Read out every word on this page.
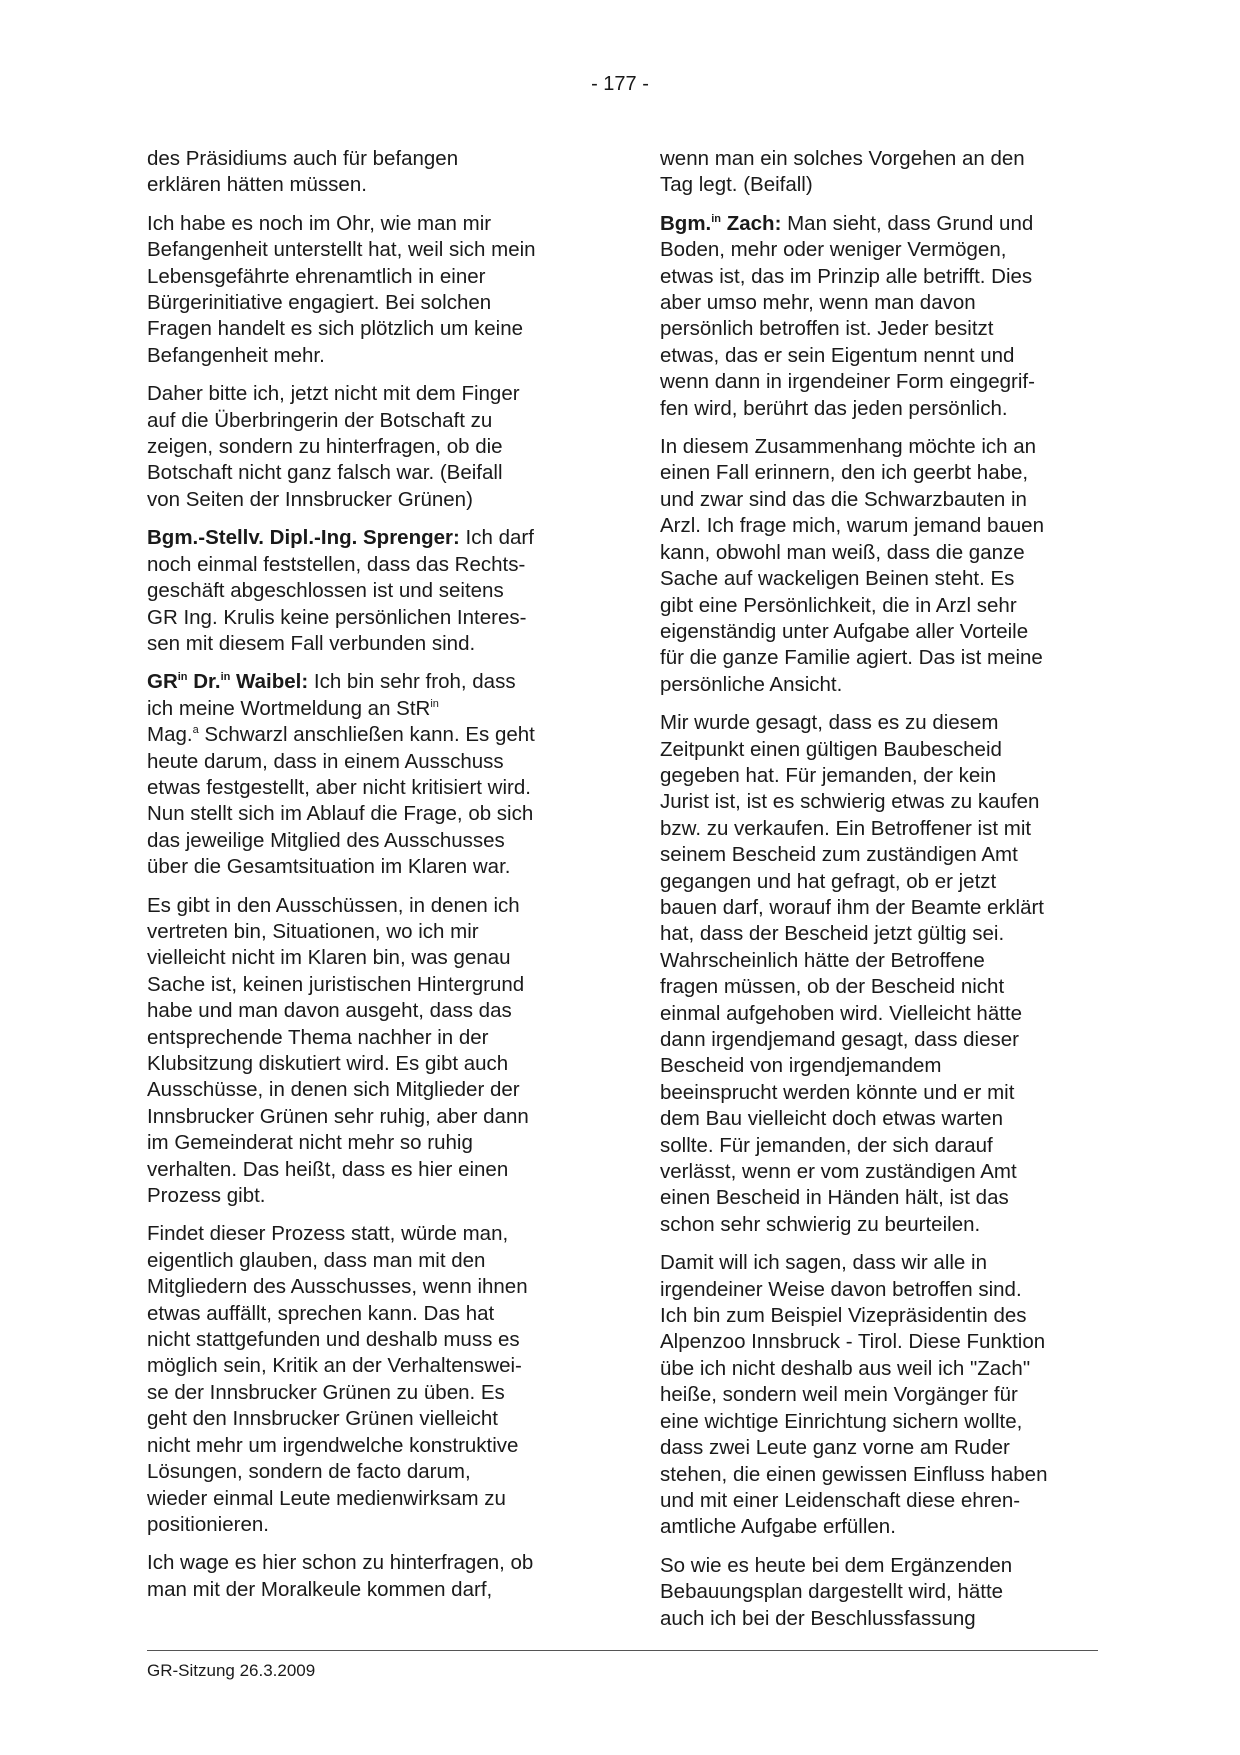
- 177 -

des Präsidiums auch für befangen
erklären hätten müssen.

Ich habe es noch im Ohr, wie man mir
Befangenheit unterstellt hat, weil sich mein
Lebensgefährte ehrenamtlich in einer
Bürgerinitiative engagiert. Bei solchen
Fragen handelt es sich plötzlich um keine
Befangenheit mehr.

Daher bitte ich, jetzt nicht mit dem Finger
auf die Überbringerin der Botschaft zu
zeigen, sondern zu hinterfragen, ob die
Botschaft nicht ganz falsch war. (Beifall
von Seiten der Innsbrucker Grünen)

Bgm.-Stellv. Dipl.-Ing. Sprenger: Ich darf
noch einmal feststellen, dass das Rechts-
geschäft abgeschlossen ist und seitens
GR Ing. Krulis keine persönlichen Interes-
sen mit diesem Fall verbunden sind.

$GR^{in}$ Dr.$^{in}$ Waibel: Ich bin sehr froh, dass
ich meine Wortmeldung an StR$^{in}$
Mag.$^a$ Schwarzl anschließen kann. Es geht
heute darum, dass in einem Ausschuss
etwas festgestellt, aber nicht kritisiert wird.
Nun stellt sich im Ablauf die Frage, ob sich
das jeweilige Mitglied des Ausschusses
über die Gesamtsituation im Klaren war.

Es gibt in den Ausschüssen, in denen ich
vertreten bin, Situationen, wo ich mir
vielleicht nicht im Klaren bin, was genau
Sache ist, keinen juristischen Hintergrund
habe und man davon ausgeht, dass das
entsprechende Thema nachher in der
Klubsitzung diskutiert wird. Es gibt auch
Ausschüsse, in denen sich Mitglieder der
Innsbrucker Grünen sehr ruhig, aber dann
im Gemeinderat nicht mehr so ruhig
verhalten. Das heißt, dass es hier einen
Prozess gibt.

Findet dieser Prozess statt, würde man,
eigentlich glauben, dass man mit den
Mitgliedern des Ausschusses, wenn ihnen
etwas auffällt, sprechen kann. Das hat
nicht stattgefunden und deshalb muss es
möglich sein, Kritik an der Verhaltenswei-
se der Innsbrucker Grünen zu üben. Es
geht den Innsbrucker Grünen vielleicht
nicht mehr um irgendwelche konstruktive
Lösungen, sondern de facto darum,
wieder einmal Leute medienwirksam zu
positionieren.

Ich wage es hier schon zu hinterfragen, ob
man mit der Moralkeule kommen darf,

wenn man ein solches Vorgehen an den
Tag legt. (Beifall)

Bgm.$^{in}$ Zach: Man sieht, dass Grund und
Boden, mehr oder weniger Vermögen,
etwas ist, das im Prinzip alle betrifft. Dies
aber umso mehr, wenn man davon
persönlich betroffen ist. Jeder besitzt
etwas, das er sein Eigentum nennt und
wenn dann in irgendeiner Form eingegrif-
fen wird, berührt das jeden persönlich.

In diesem Zusammenhang möchte ich an
einen Fall erinnern, den ich geerbt habe,
und zwar sind das die Schwarzbauten in
Arzl. Ich frage mich, warum jemand bauen
kann, obwohl man weiß, dass die ganze
Sache auf wackeligen Beinen steht. Es
gibt eine Persönlichkeit, die in Arzl sehr
eigenständig unter Aufgabe aller Vorteile
für die ganze Familie agiert. Das ist meine
persönliche Ansicht.

Mir wurde gesagt, dass es zu diesem
Zeitpunkt einen gültigen Baubescheid
gegeben hat. Für jemanden, der kein
Jurist ist, ist es schwierig etwas zu kaufen
bzw. zu verkaufen. Ein Betroffener ist mit
seinem Bescheid zum zuständigen Amt
gegangen und hat gefragt, ob er jetzt
bauen darf, worauf ihm der Beamte erklärt
hat, dass der Bescheid jetzt gültig sei.
Wahrscheinlich hätte der Betroffene
fragen müssen, ob der Bescheid nicht
einmal aufgehoben wird. Vielleicht hätte
dann irgendjemand gesagt, dass dieser
Bescheid von irgendjemandem
beeinsprucht werden könnte und er mit
dem Bau vielleicht doch etwas warten
sollte. Für jemanden, der sich darauf
verlässt, wenn er vom zuständigen Amt
einen Bescheid in Händen hält, ist das
schon sehr schwierig zu beurteilen.

Damit will ich sagen, dass wir alle in
irgendeiner Weise davon betroffen sind.
Ich bin zum Beispiel Vizepräsidentin des
Alpenzoo Innsbruck - Tirol. Diese Funktion
übe ich nicht deshalb aus weil ich "Zach"
heiße, sondern weil mein Vorgänger für
eine wichtige Einrichtung sichern wollte,
dass zwei Leute ganz vorne am Ruder
stehen, die einen gewissen Einfluss haben
und mit einer Leidenschaft diese ehren-
amtliche Aufgabe erfüllen.

So wie es heute bei dem Ergänzenden
Bebauungsplan dargestellt wird, hätte
auch ich bei der Beschlussfassung

GR-Sitzung 26.3.2009
